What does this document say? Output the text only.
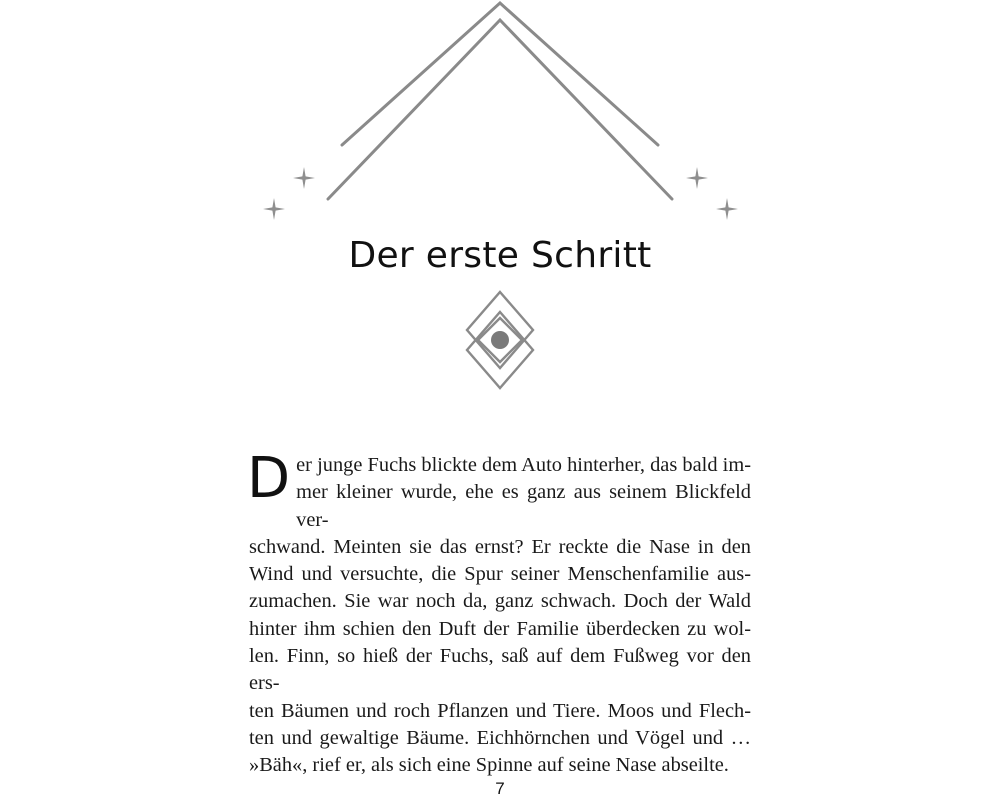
Der erste Schritt
D er junge Fuchs blickte dem Auto hinterher, das bald im-
mer kleiner wurde, ehe es ganz aus seinem Blickfeld ver-
schwand. Meinten sie das ernst? Er reckte die Nase in den
Wind und versuchte, die Spur seiner Menschenfamilie aus-
zumachen. Sie war noch da, ganz schwach. Doch der Wald
hinter ihm schien den Duft der Familie überdecken zu wol-
len. Finn, so hieß der Fuchs, saß auf dem Fußweg vor den ers-
ten Bäumen und roch Pflanzen und Tiere. Moos und Flech-
ten und gewaltige Bäume. Eichhörnchen und Vögel und …
»Bäh«, rief er, als sich eine Spinne auf seine Nase abseilte.
7
